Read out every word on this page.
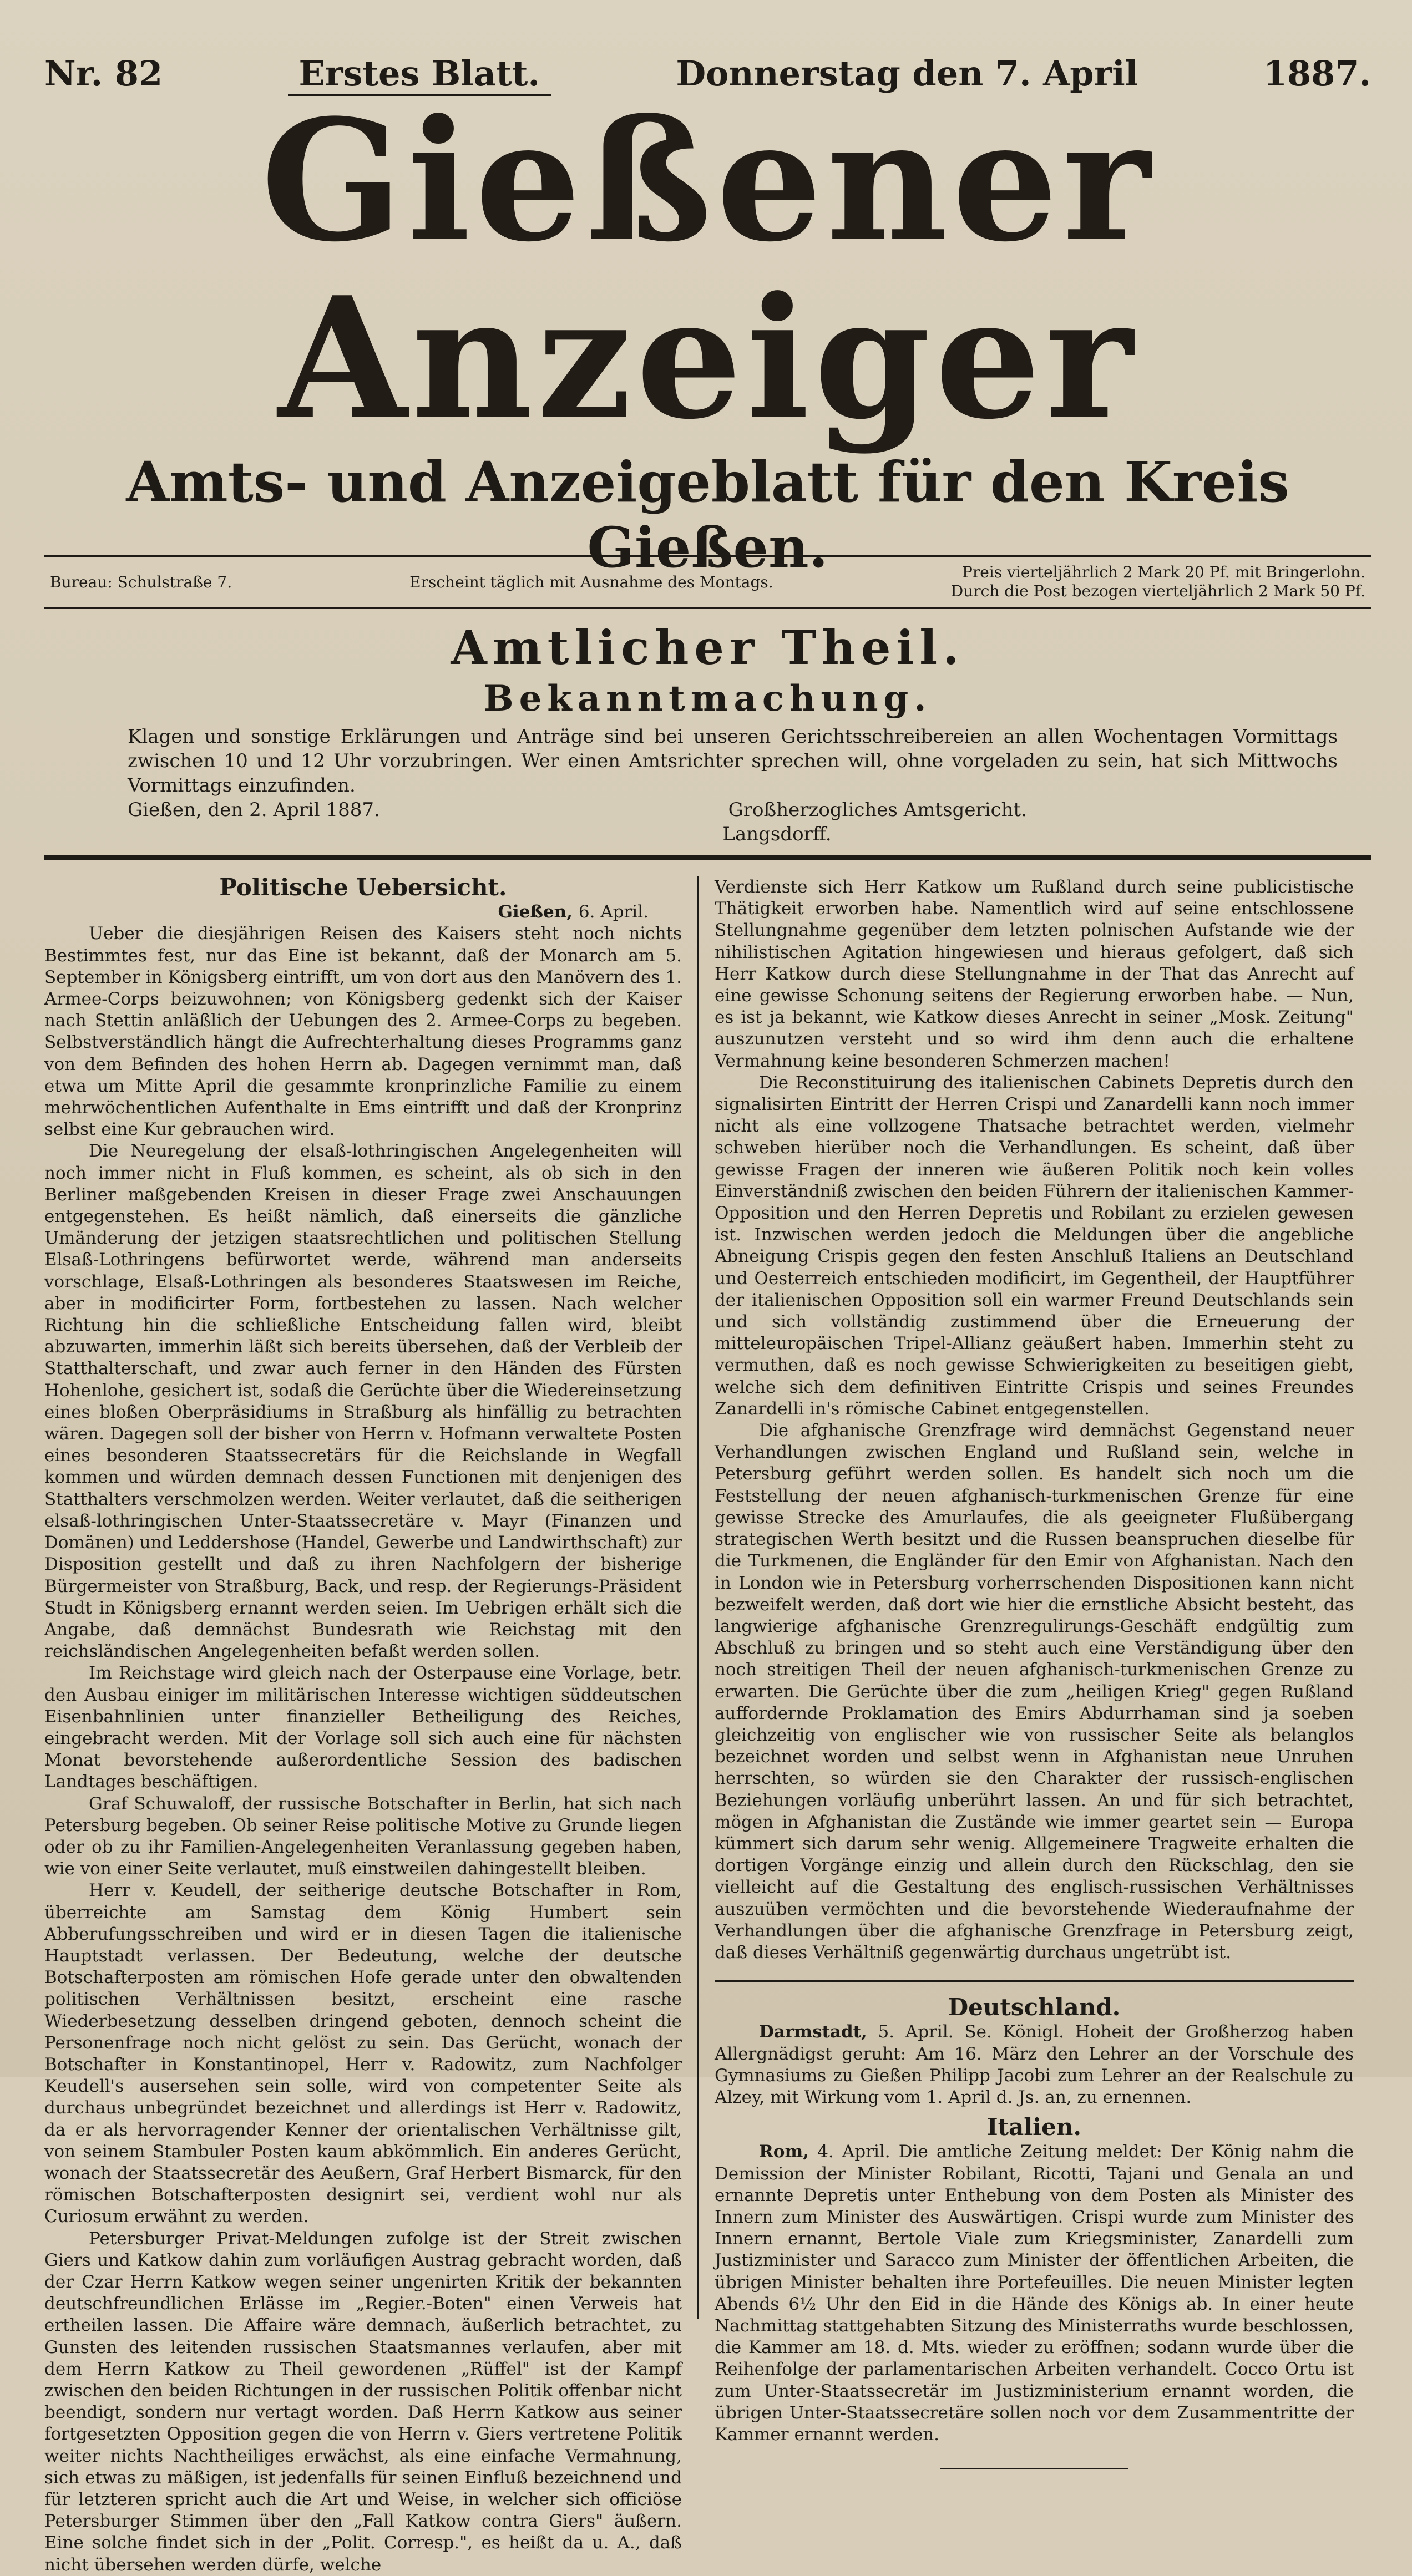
Nr. 82	Erstes Blatt.	Donnerstag den 7. April	1887.
Gießener Anzeiger
Amts- und Anzeigeblatt für den Kreis Gießen.
Bureau: Schulstraße 7.	Erscheint täglich mit Ausnahme des Montags.
Preis vierteljährlich 2 Mark 20 Pf. mit Bringerlohn.
Durch die Post bezogen vierteljährlich 2 Mark 50 Pf.
Amtlicher Theil.
Bekanntmachung.
Klagen und sonstige Erklärungen und Anträge sind bei unseren Gerichtsschreibereien an allen Wochentagen Vormittags zwischen 10 und 12 Uhr vorzubringen. Wer einen Amtsrichter sprechen will, ohne vorgeladen zu sein, hat sich Mittwochs Vormittags einzufinden.
Gießen, den 2. April 1887.	Großherzogliches Amtsgericht.
Langsdorff.
Politische Uebersicht.
Gießen, 6. April.

Ueber die diesjährigen Reisen des Kaisers steht noch nichts Bestimmtes fest, nur das Eine ist bekannt, daß der Monarch am 5. September in Königsberg eintrifft, um von dort aus den Manövern des 1. Armee-Corps beizuwohnen; von Königsberg gedenkt sich der Kaiser nach Stettin anläßlich der Uebungen des 2. Armee-Corps zu begeben. Selbstverständlich hängt die Aufrechterhaltung dieses Programms ganz von dem Befinden des hohen Herrn ab. Dagegen vernimmt man, daß etwa um Mitte April die gesammte kronprinzliche Familie zu einem mehrwöchentlichen Aufenthalte in Ems eintrifft und daß der Kronprinz selbst eine Kur gebrauchen wird.

Die Neuregelung der elsaß-lothringischen Angelegenheiten will noch immer nicht in Fluß kommen, es scheint, als ob sich in den Berliner maßgebenden Kreisen in dieser Frage zwei Anschauungen entgegenstehen. Es heißt nämlich, daß einerseits die gänzliche Umänderung der jetzigen staatsrechtlichen und politischen Stellung Elsaß-Lothringens befürwortet werde, während man anderseits vorschlage, Elsaß-Lothringen als besonderes Staatswesen im Reiche, aber in modificirter Form, fortbestehen zu lassen. Nach welcher Richtung hin die schließliche Entscheidung fallen wird, bleibt abzuwarten, immerhin läßt sich bereits übersehen, daß der Verbleib der Statthalterschaft, und zwar auch ferner in den Händen des Fürsten Hohenlohe, gesichert ist, sodaß die Gerüchte über die Wiedereinsetzung eines bloßen Oberpräsidiums in Straßburg als hinfällig zu betrachten wären. Dagegen soll der bisher von Herrn v. Hofmann verwaltete Posten eines besonderen Staatssecretärs für die Reichslande in Wegfall kommen und würden demnach dessen Functionen mit denjenigen des Statthalters verschmolzen werden. Weiter verlautet, daß die seitherigen elsaß-lothringischen Unter-Staatssecretäre v. Mayr (Finanzen und Domänen) und Leddershose (Handel, Gewerbe und Landwirthschaft) zur Disposition gestellt und daß zu ihren Nachfolgern der bisherige Bürgermeister von Straßburg, Back, und resp. der Regierungs-Präsident Studt in Königsberg ernannt werden seien. Im Uebrigen erhält sich die Angabe, daß demnächst Bundesrath wie Reichstag mit den reichsländischen Angelegenheiten befaßt werden sollen.

Im Reichstage wird gleich nach der Osterpause eine Vorlage, betr. den Ausbau einiger im militärischen Interesse wichtigen süddeutschen Eisenbahnlinien unter finanzieller Betheiligung des Reiches, eingebracht werden. Mit der Vorlage soll sich auch eine für nächsten Monat bevorstehende außerordentliche Session des badischen Landtages beschäftigen.

Graf Schuwaloff, der russische Botschafter in Berlin, hat sich nach Petersburg begeben. Ob seiner Reise politische Motive zu Grunde liegen oder ob zu ihr Familien-Angelegenheiten Veranlassung gegeben haben, wie von einer Seite verlautet, muß einstweilen dahingestellt bleiben.

Herr v. Keudell, der seitherige deutsche Botschafter in Rom, überreichte am Samstag dem König Humbert sein Abberufungsschreiben und wird er in diesen Tagen die italienische Hauptstadt verlassen. Der Bedeutung, welche der deutsche Botschafterposten am römischen Hofe gerade unter den obwaltenden politischen Verhältnissen besitzt, erscheint eine rasche Wiederbesetzung desselben dringend geboten, dennoch scheint die Personenfrage noch nicht gelöst zu sein. Das Gerücht, wonach der Botschafter in Konstantinopel, Herr v. Radowitz, zum Nachfolger Keudell's ausersehen sein solle, wird von competenter Seite als durchaus unbegründet bezeichnet und allerdings ist Herr v. Radowitz, da er als hervorragender Kenner der orientalischen Verhältnisse gilt, von seinem Stambuler Posten kaum abkömmlich. Ein anderes Gerücht, wonach der Staatssecretär des Aeußern, Graf Herbert Bismarck, für den römischen Botschafterposten designirt sei, verdient wohl nur als Curiosum erwähnt zu werden.

Petersburger Privat-Meldungen zufolge ist der Streit zwischen Giers und Katkow dahin zum vorläufigen Austrag gebracht worden, daß der Czar Herrn Katkow wegen seiner ungenirten Kritik der bekannten deutschfreundlichen Erlässe im „Regier.-Boten" einen Verweis hat ertheilen lassen. Die Affaire wäre demnach, äußerlich betrachtet, zu Gunsten des leitenden russischen Staatsmannes verlaufen, aber mit dem Herrn Katkow zu Theil gewordenen „Rüffel" ist der Kampf zwischen den beiden Richtungen in der russischen Politik offenbar nicht beendigt, sondern nur vertagt worden. Daß Herrn Katkow aus seiner fortgesetzten Opposition gegen die von Herrn v. Giers vertretene Politik weiter nichts Nachtheiliges erwächst, als eine einfache Vermahnung, sich etwas zu mäßigen, ist jedenfalls für seinen Einfluß bezeichnend und für letzteren spricht auch die Art und Weise, in welcher sich officiöse Petersburger Stimmen über den „Fall Katkow contra Giers" äußern. Eine solche findet sich in der „Polit. Corresp.", es heißt da u. A., daß nicht übersehen werden dürfe, welche

Verdienste sich Herr Katkow um Rußland durch seine publicistische Thätigkeit erworben habe. Namentlich wird auf seine entschlossene Stellungnahme gegenüber dem letzten polnischen Aufstande wie der nihilistischen Agitation hingewiesen und hieraus gefolgert, daß sich Herr Katkow durch diese Stellungnahme in der That das Anrecht auf eine gewisse Schonung seitens der Regierung erworben habe. — Nun, es ist ja bekannt, wie Katkow dieses Anrecht in seiner „Mosk. Zeitung" auszunutzen versteht und so wird ihm denn auch die erhaltene Vermahnung keine besonderen Schmerzen machen!

Die Reconstituirung des italienischen Cabinets Depretis durch den signalisirten Eintritt der Herren Crispi und Zanardelli kann noch immer nicht als eine vollzogene Thatsache betrachtet werden, vielmehr schweben hierüber noch die Verhandlungen. Es scheint, daß über gewisse Fragen der inneren wie äußeren Politik noch kein volles Einverständniß zwischen den beiden Führern der italienischen Kammer-Opposition und den Herren Depretis und Robilant zu erzielen gewesen ist. Inzwischen werden jedoch die Meldungen über die angebliche Abneigung Crispis gegen den festen Anschluß Italiens an Deutschland und Oesterreich entschieden modificirt, im Gegentheil, der Hauptführer der italienischen Opposition soll ein warmer Freund Deutschlands sein und sich vollständig zustimmend über die Erneuerung der mitteleuropäischen Tripel-Allianz geäußert haben. Immerhin steht zu vermuthen, daß es noch gewisse Schwierigkeiten zu beseitigen giebt, welche sich dem definitiven Eintritte Crispis und seines Freundes Zanardelli in's römische Cabinet entgegenstellen.

Die afghanische Grenzfrage wird demnächst Gegenstand neuer Verhandlungen zwischen England und Rußland sein, welche in Petersburg geführt werden sollen. Es handelt sich noch um die Feststellung der neuen afghanisch-turkmenischen Grenze für eine gewisse Strecke des Amurlaufes, die als geeigneter Flußübergang strategischen Werth besitzt und die Russen beanspruchen dieselbe für die Turkmenen, die Engländer für den Emir von Afghanistan. Nach den in London wie in Petersburg vorherrschenden Dispositionen kann nicht bezweifelt werden, daß dort wie hier die ernstliche Absicht besteht, das langwierige afghanische Grenzregulirungs-Geschäft endgültig zum Abschluß zu bringen und so steht auch eine Verständigung über den noch streitigen Theil der neuen afghanisch-turkmenischen Grenze zu erwarten. Die Gerüchte über die zum „heiligen Krieg" gegen Rußland auffordernde Proklamation des Emirs Abdurrhaman sind ja soeben gleichzeitig von englischer wie von russischer Seite als belanglos bezeichnet worden und selbst wenn in Afghanistan neue Unruhen herrschten, so würden sie den Charakter der russisch-englischen Beziehungen vorläufig unberührt lassen. An und für sich betrachtet, mögen in Afghanistan die Zustände wie immer geartet sein — Europa kümmert sich darum sehr wenig. Allgemeinere Tragweite erhalten die dortigen Vorgänge einzig und allein durch den Rückschlag, den sie vielleicht auf die Gestaltung des englisch-russischen Verhältnisses auszuüben vermöchten und die bevorstehende Wiederaufnahme der Verhandlungen über die afghanische Grenzfrage in Petersburg zeigt, daß dieses Verhältniß gegenwärtig durchaus ungetrübt ist.

Deutschland.

Darmstadt, 5. April. Se. Königl. Hoheit der Großherzog haben Allergnädigst geruht: Am 16. März den Lehrer an der Vorschule des Gymnasiums zu Gießen Philipp Jacobi zum Lehrer an der Realschule zu Alzey, mit Wirkung vom 1. April d. Js. an, zu ernennen.

Italien.

Rom, 4. April. Die amtliche Zeitung meldet: Der König nahm die Demission der Minister Robilant, Ricotti, Tajani und Genala an und ernannte Depretis unter Enthebung von dem Posten als Minister des Innern zum Minister des Auswärtigen. Crispi wurde zum Minister des Innern ernannt, Bertole Viale zum Kriegsminister, Zanardelli zum Justizminister und Saracco zum Minister der öffentlichen Arbeiten, die übrigen Minister behalten ihre Portefeuilles. Die neuen Minister legten Abends 6½ Uhr den Eid in die Hände des Königs ab. In einer heute Nachmittag stattgehabten Sitzung des Ministerraths wurde beschlossen, die Kammer am 18. d. Mts. wieder zu eröffnen; sodann wurde über die Reihenfolge der parlamentarischen Arbeiten verhandelt. Cocco Ortu ist zum Unter-Staatssecretär im Justizministerium ernannt worden, die übrigen Unter-Staatssecretäre sollen noch vor dem Zusammentritte der Kammer ernannt werden.
